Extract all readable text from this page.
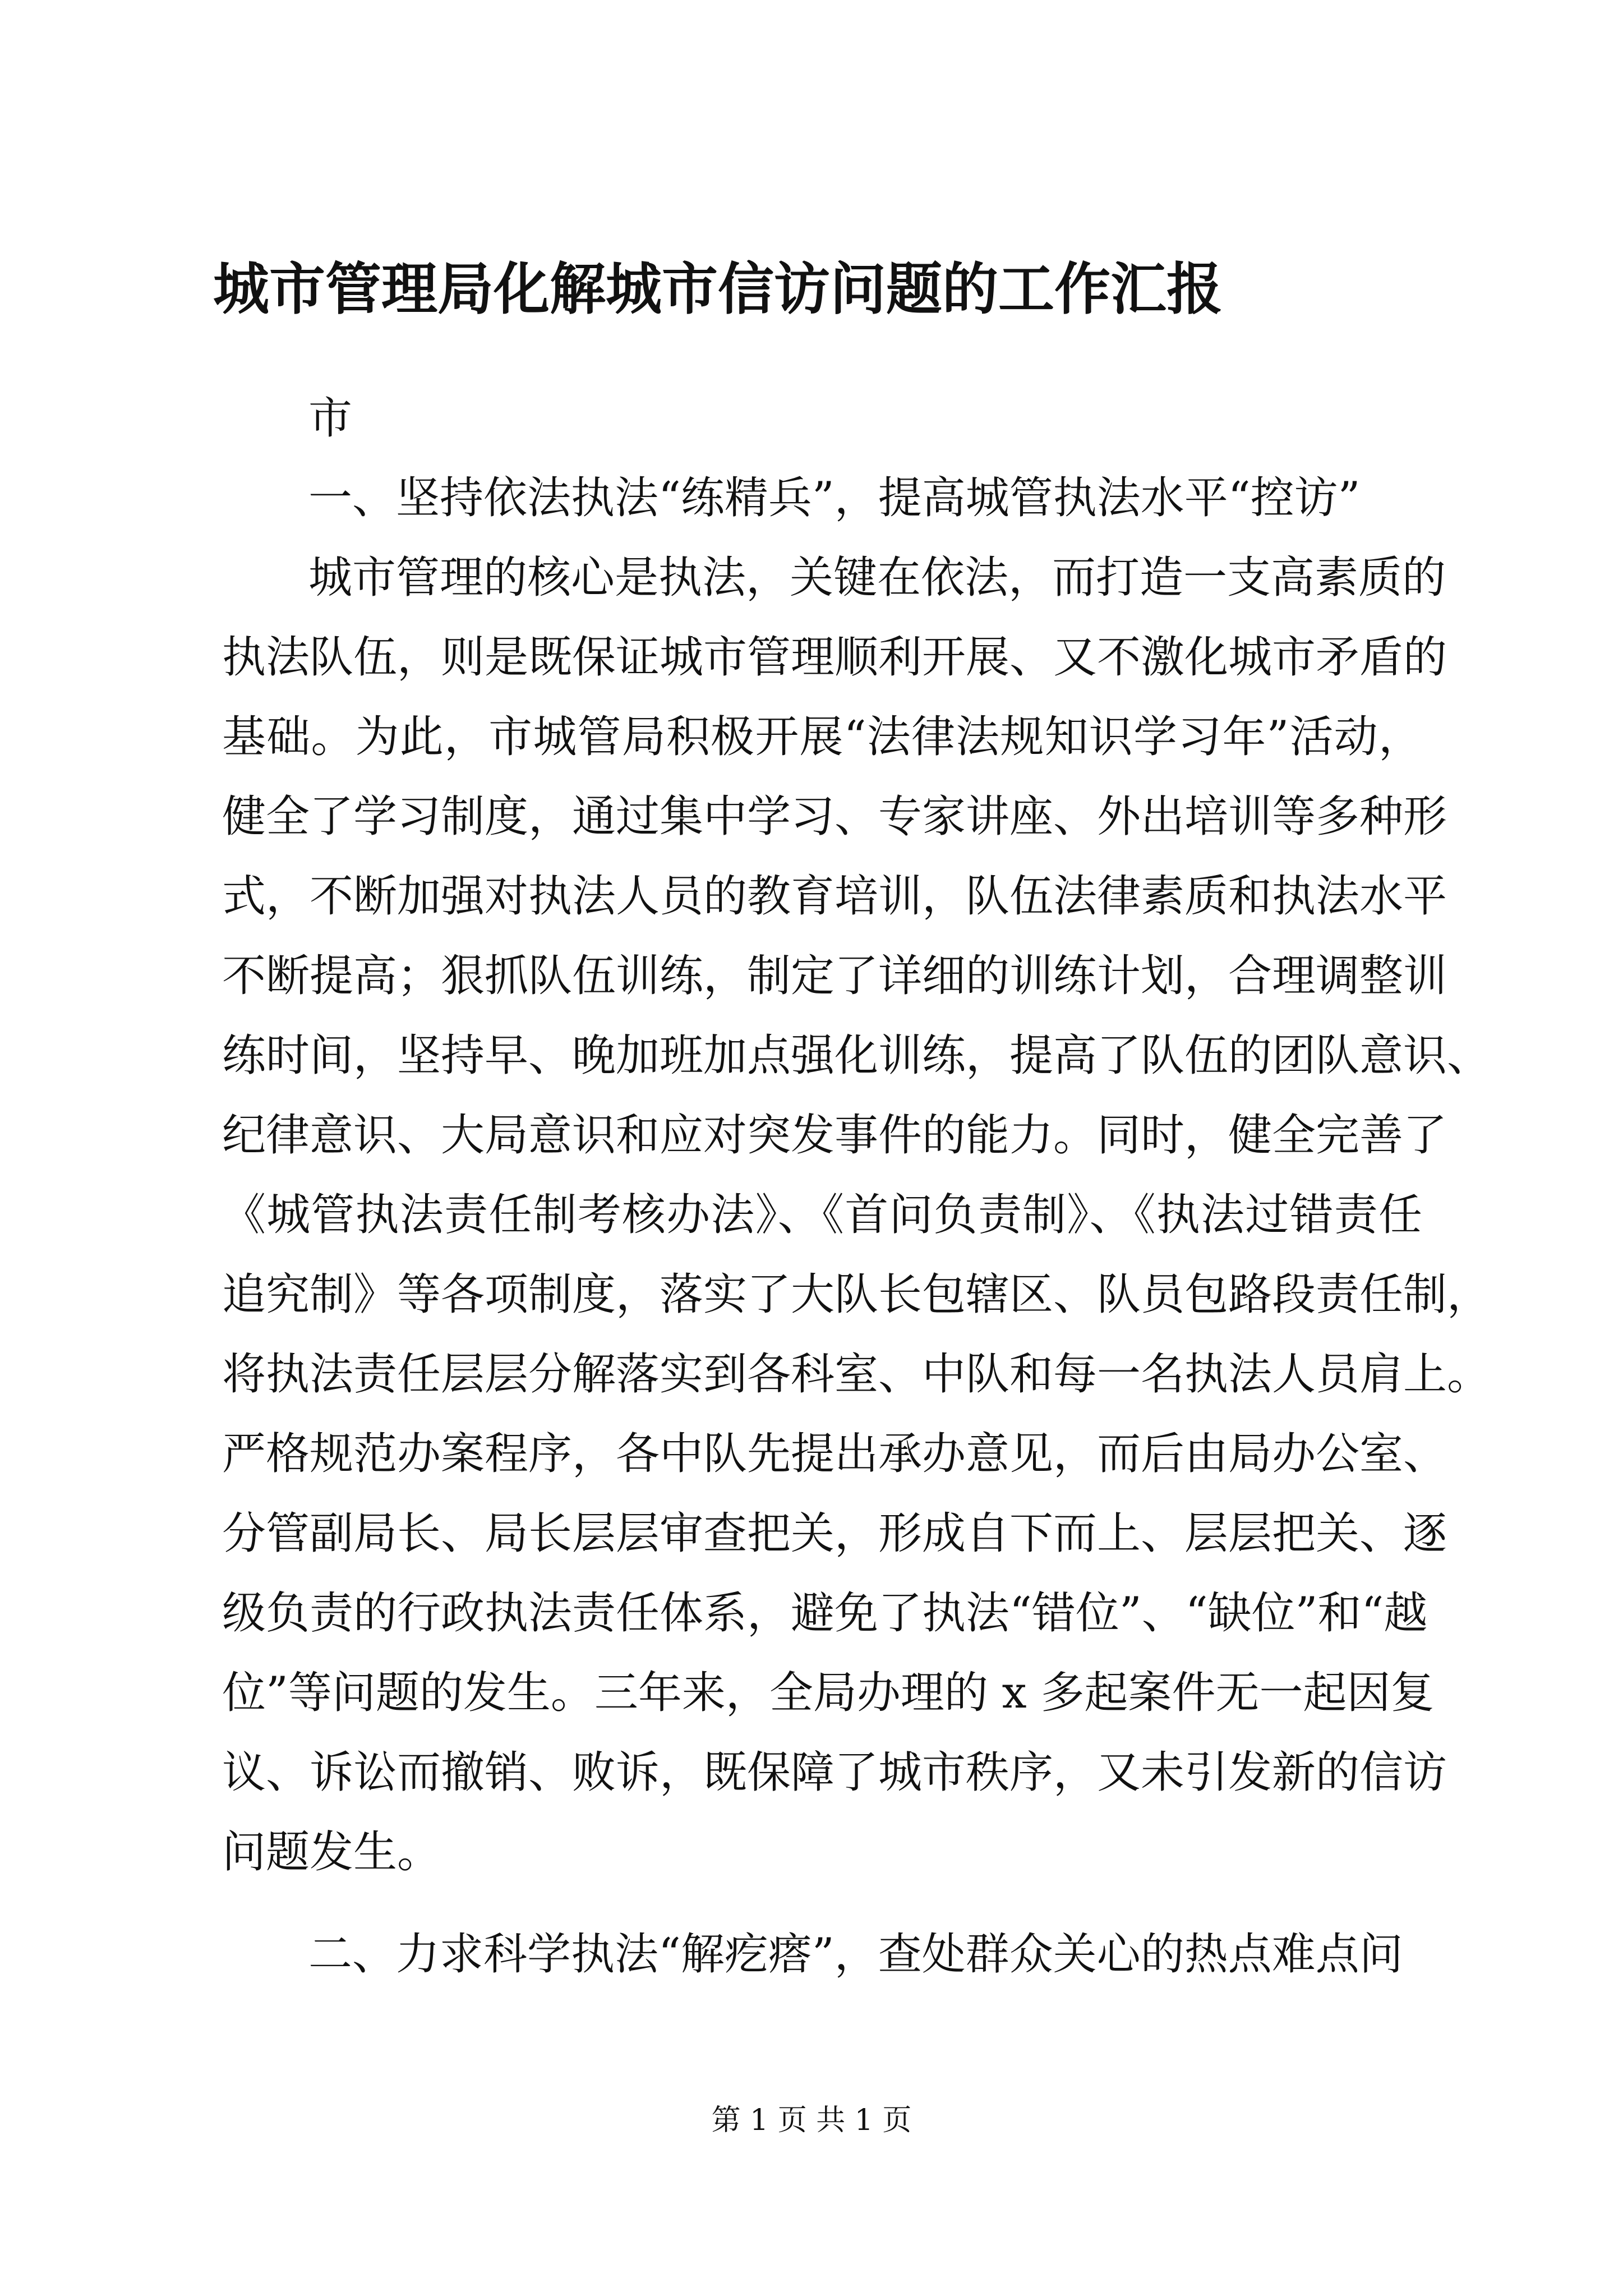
城市管理局化解城市信访问题的工作汇报

市

一、坚持依法执法“练精兵”，提高城管执法水平“控访”

城市管理的核心是执法，关键在依法，而打造一支高素质的
执法队伍，则是既保证城市管理顺利开展、又不激化城市矛盾的
基础。为此，市城管局积极开展“法律法规知识学习年”活动，
健全了学习制度，通过集中学习、专家讲座、外出培训等多种形
式，不断加强对执法人员的教育培训，队伍法律素质和执法水平
不断提高；狠抓队伍训练，制定了详细的训练计划，合理调整训
练时间，坚持早、晚加班加点强化训练，提高了队伍的团队意识、
纪律意识、大局意识和应对突发事件的能力。同时，健全完善了
《城管执法责任制考核办法》、《首问负责制》、《执法过错责任
追究制》等各项制度，落实了大队长包辖区、队员包路段责任制，
将执法责任层层分解落实到各科室、中队和每一名执法人员肩上。
严格规范办案程序，各中队先提出承办意见，而后由局办公室、
分管副局长、局长层层审查把关，形成自下而上、层层把关、逐
级负责的行政执法责任体系，避免了执法“错位”、“缺位”和“越
位”等问题的发生。三年来，全局办理的 x 多起案件无一起因复
议、诉讼而撤销、败诉，既保障了城市秩序，又未引发新的信访
问题发生。

二、力求科学执法“解疙瘩”，查处群众关心的热点难点问

第 1 页 共 1 页
